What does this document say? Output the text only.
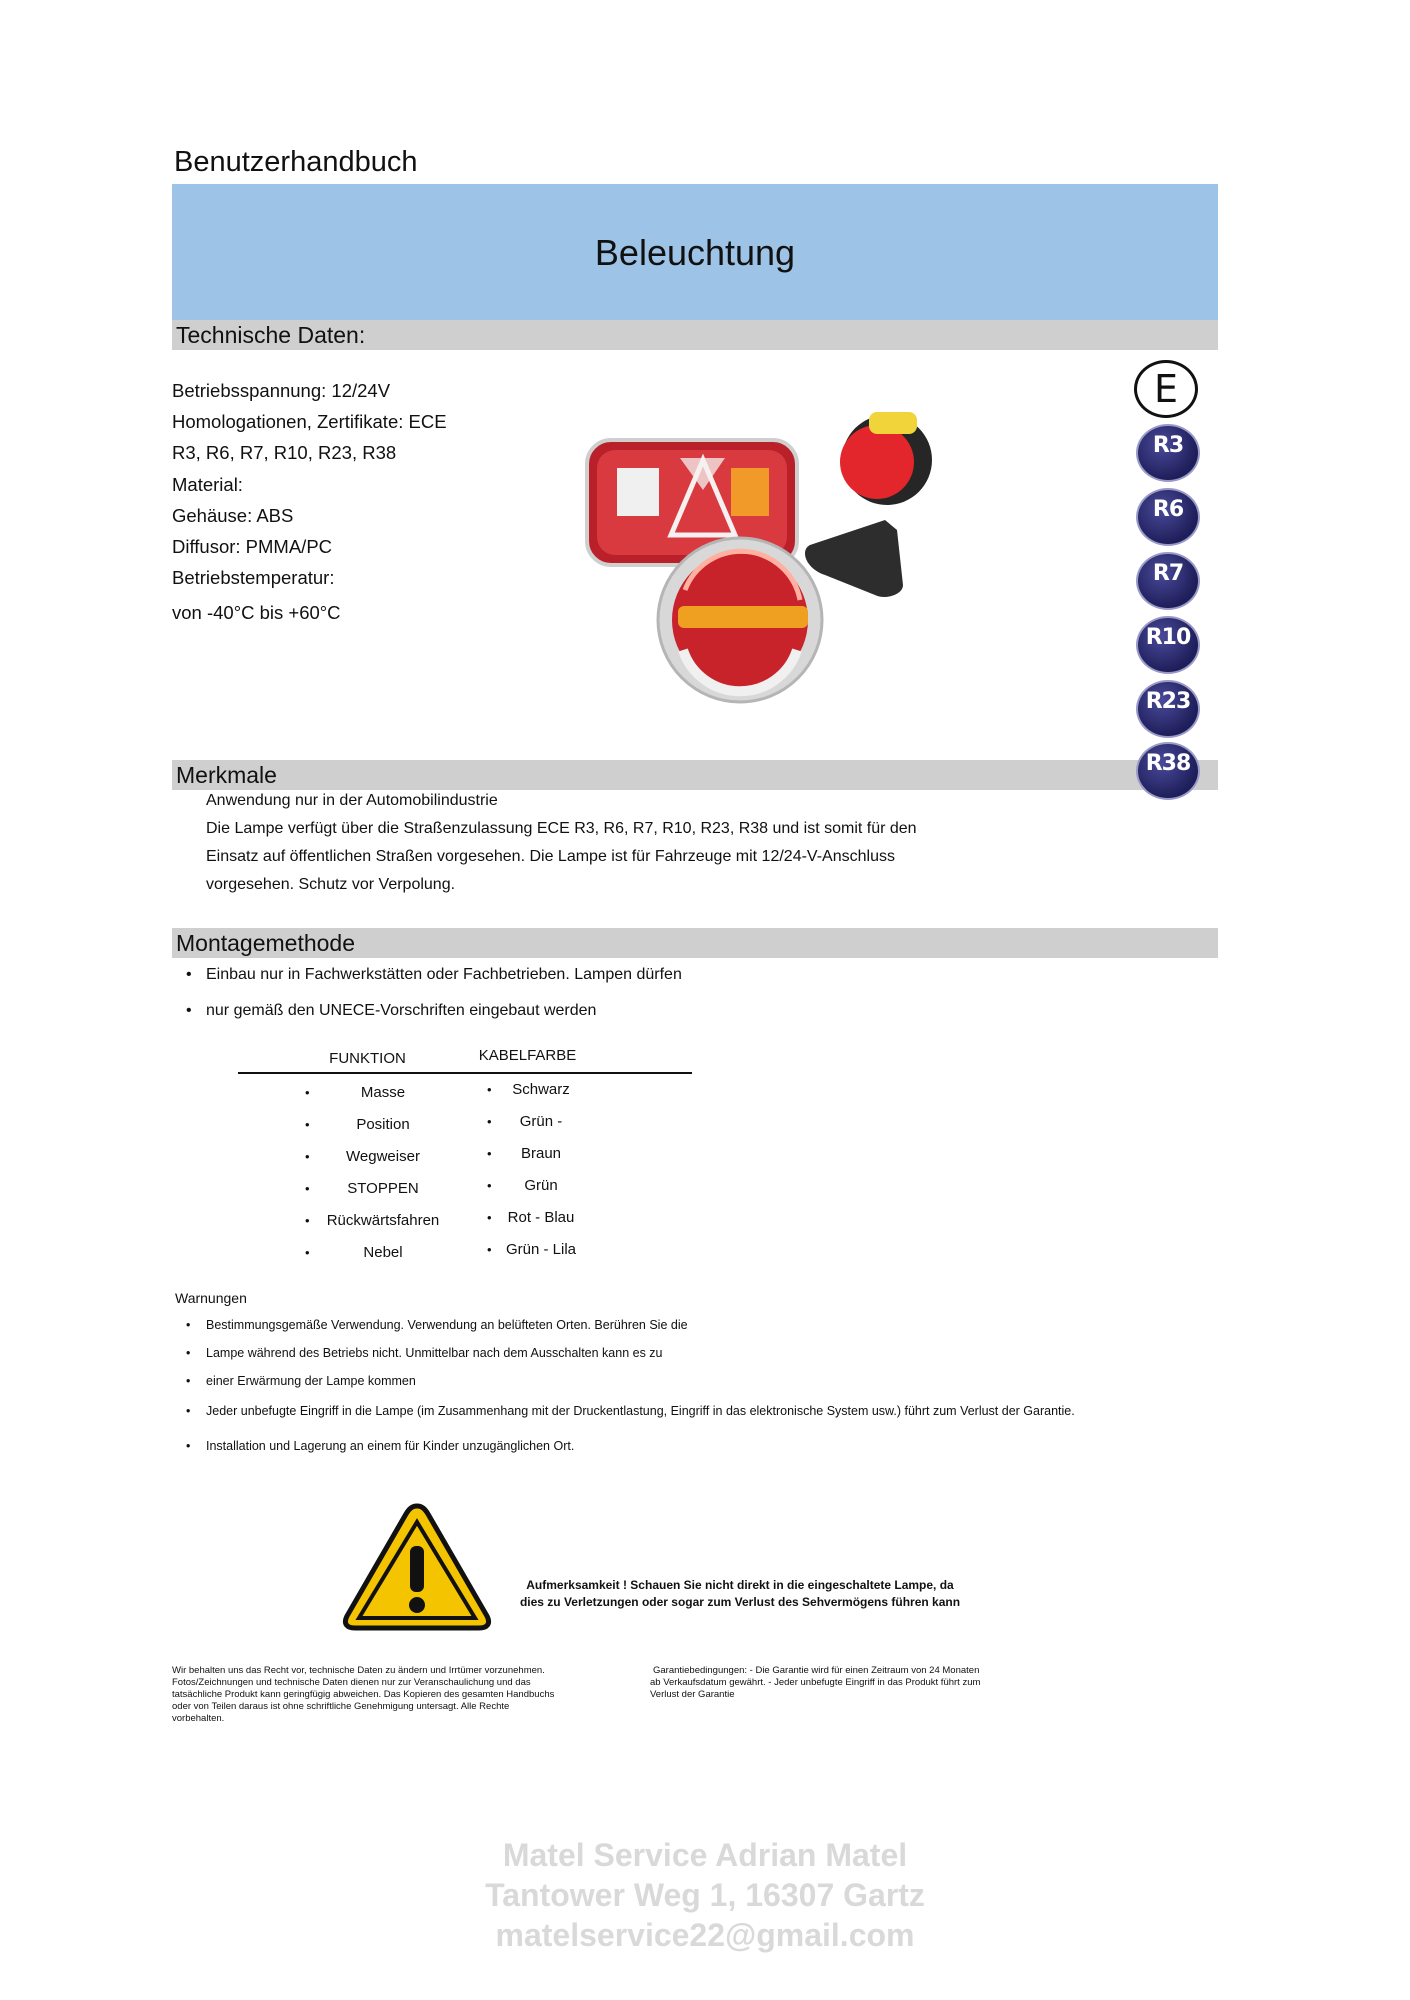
Benutzerhandbuch
Beleuchtung
Technische Daten:
Betriebsspannung: 12/24V
Homologationen, Zertifikate: ECE
R3, R6, R7, R10, R23, R38
Material:
Gehäuse: ABS
Diffusor: PMMA/PC
Betriebstemperatur:
von -40°C bis +60°C
E
R3
R6
R7
R10
R23
Merkmale	R38
Anwendung nur in der Automobilindustrie
Die Lampe verfügt über die Straßenzulassung ECE R3, R6, R7, R10, R23, R38 und ist somit für den
Einsatz auf öffentlichen Straßen vorgesehen. Die Lampe ist für Fahrzeuge mit 12/24-V-Anschluss
vorgesehen. Schutz vor Verpolung.
Montagemethode
• Einbau nur in Fachwerkstätten oder Fachbetrieben. Lampen dürfen
• nur gemäß den UNECE-Vorschriften eingebaut werden
FUNKTION	KABELFARBE
•	Masse	•	Schwarz
•	Position	•	Grün -
•	Wegweiser	•	Braun
•	STOPPEN	•	Grün
•	Rückwärtsfahren	•	Rot - Blau
•	Nebel	• Grün - Lila
Warnungen
• Bestimmungsgemäße Verwendung. Verwendung an belüfteten Orten. Berühren Sie die
• Lampe während des Betriebs nicht. Unmittelbar nach dem Ausschalten kann es zu
• einer Erwärmung der Lampe kommen
• Jeder unbefugte Eingriff in die Lampe (im Zusammenhang mit der Druckentlastung, Eingriff in das elektronische System usw.) führt zum Verlust der Garantie.
• Installation und Lagerung an einem für Kinder unzugänglichen Ort.
Aufmerksamkeit ! Schauen Sie nicht direkt in die eingeschaltete Lampe, da
dies zu Verletzungen oder sogar zum Verlust des Sehvermögens führen kann
Wir behalten uns das Recht vor, technische Daten zu ändern und Irrtümer vorzunehmen.
Fotos/Zeichnungen und technische Daten dienen nur zur Veranschaulichung und das
tatsächliche Produkt kann geringfügig abweichen. Das Kopieren des gesamten Handbuchs
oder von Teilen daraus ist ohne schriftliche Genehmigung untersagt. Alle Rechte
vorbehalten.
Garantiebedingungen: - Die Garantie wird für einen Zeitraum von 24 Monaten
ab Verkaufsdatum gewährt. - Jeder unbefugte Eingriff in das Produkt führt zum
Verlust der Garantie
Matel Service Adrian Matel
Tantower Weg 1, 16307 Gartz
matelservice22@gmail.com
